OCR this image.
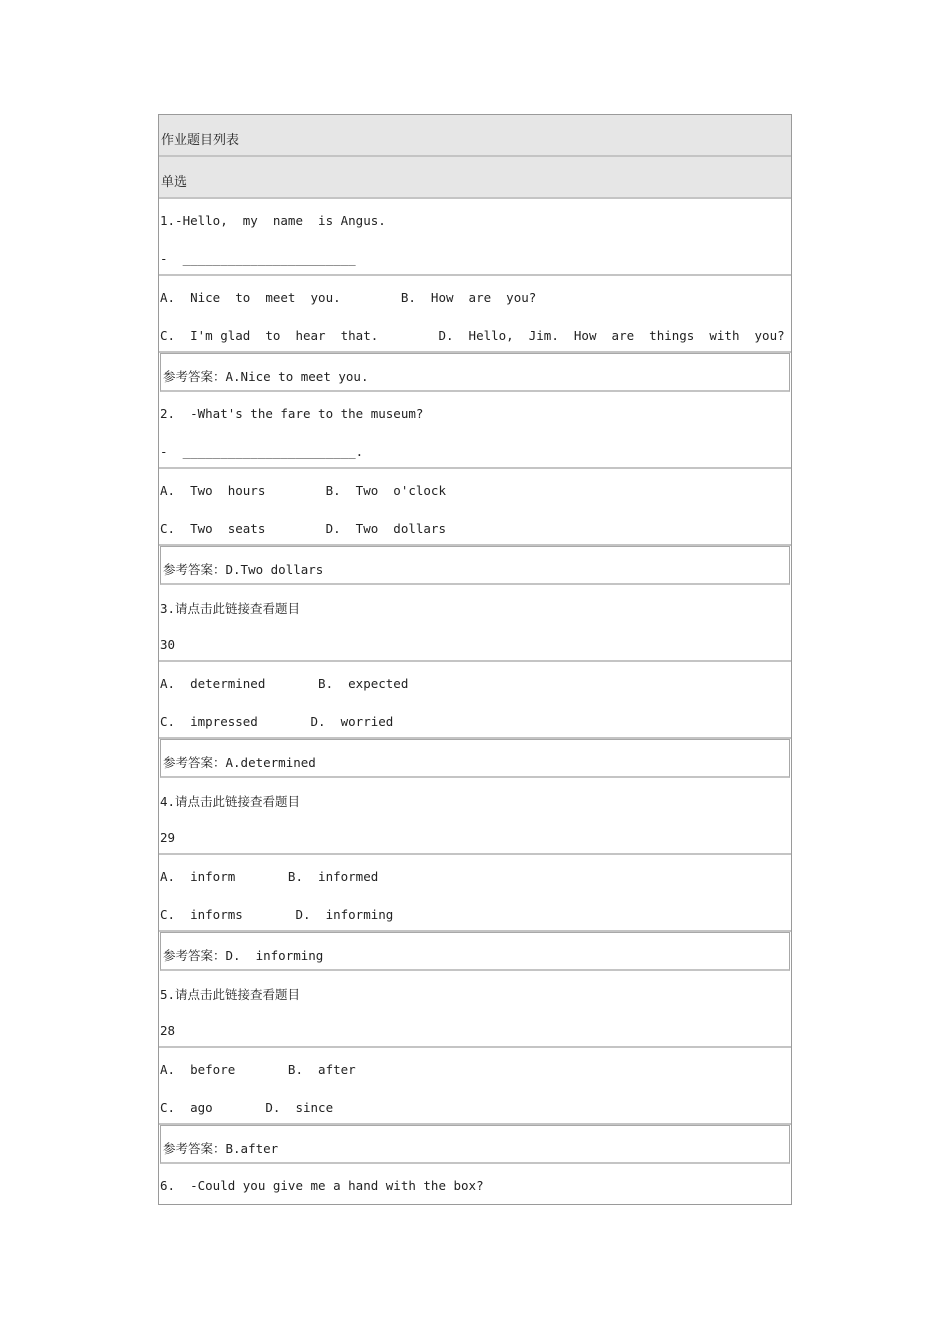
作业题目列表
单选
1.-Hello,  my  name  is Angus.
-  _______________________
A.  Nice  to  meet  you.        B.  How  are  you?
C.  I'm glad  to  hear  that.        D.  Hello,  Jim.  How  are  things  with  you?
参考答案：A.Nice to meet you.
2.  -What's the fare to the museum?
-  _______________________.
A.  Two  hours        B.  Two  o'clock
C.  Two  seats        D.  Two  dollars
参考答案：D.Two dollars
3.请点击此链接查看题目
30
A.  determined       B.  expected
C.  impressed       D.  worried
参考答案：A.determined
4.请点击此链接查看题目
29
A.  inform       B.  informed
C.  informs       D.  informing
参考答案：D.  informing
5.请点击此链接查看题目
28
A.  before       B.  after
C.  ago       D.  since
参考答案：B.after
6.  -Could you give me a hand with the box?
